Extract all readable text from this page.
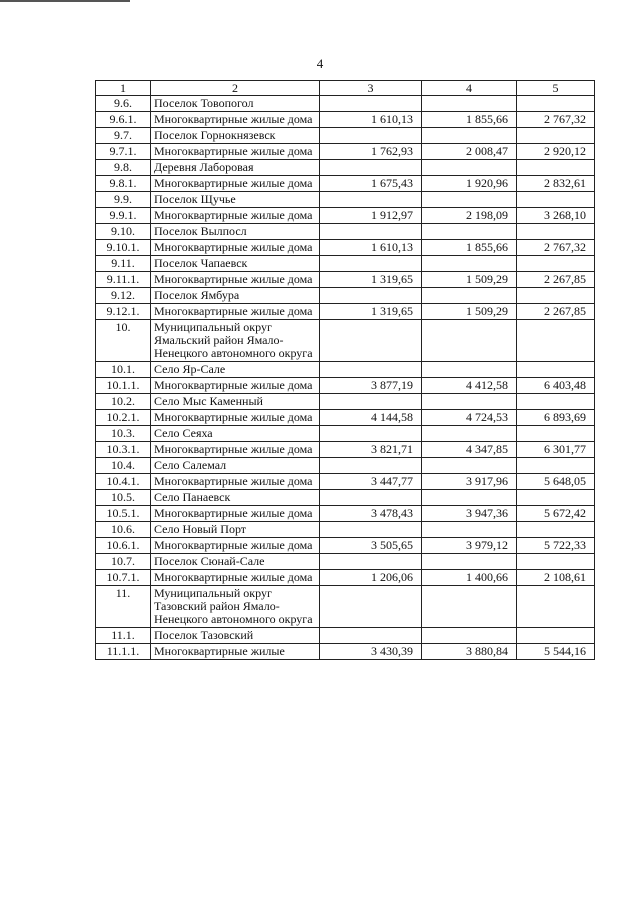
4
1	2	3	4	5
9.6.	Поселок Товопогол			
9.6.1.	Многоквартирные жилые дома	1 610,13	1 855,66	2 767,32
9.7.	Поселок Горнокнязевск			
9.7.1.	Многоквартирные жилые дома	1 762,93	2 008,47	2 920,12
9.8.	Деревня Лаборовая			
9.8.1.	Многоквартирные жилые дома	1 675,43	1 920,96	2 832,61
9.9.	Поселок Щучье			
9.9.1.	Многоквартирные жилые дома	1 912,97	2 198,09	3 268,10
9.10.	Поселок Вылпосл			
9.10.1.	Многоквартирные жилые дома	1 610,13	1 855,66	2 767,32
9.11.	Поселок Чапаевск			
9.11.1.	Многоквартирные жилые дома	1 319,65	1 509,29	2 267,85
9.12.	Поселок Ямбура			
9.12.1.	Многоквартирные жилые дома	1 319,65	1 509,29	2 267,85
10.	Муниципальный округ Ямальский район Ямало-Ненецкого автономного округа			
10.1.	Село Яр-Сале			
10.1.1.	Многоквартирные жилые дома	3 877,19	4 412,58	6 403,48
10.2.	Село Мыс Каменный			
10.2.1.	Многоквартирные жилые дома	4 144,58	4 724,53	6 893,69
10.3.	Село Сеяха			
10.3.1.	Многоквартирные жилые дома	3 821,71	4 347,85	6 301,77
10.4.	Село Салемал			
10.4.1.	Многоквартирные жилые дома	3 447,77	3 917,96	5 648,05
10.5.	Село Панаевск			
10.5.1.	Многоквартирные жилые дома	3 478,43	3 947,36	5 672,42
10.6.	Село Новый Порт			
10.6.1.	Многоквартирные жилые дома	3 505,65	3 979,12	5 722,33
10.7.	Поселок Сюнай-Сале			
10.7.1.	Многоквартирные жилые дома	1 206,06	1 400,66	2 108,61
11.	Муниципальный округ Тазовский район Ямало-Ненецкого автономного округа			
11.1.	Поселок Тазовский			
11.1.1.	Многоквартирные жилые	3 430,39	3 880,84	5 544,16
